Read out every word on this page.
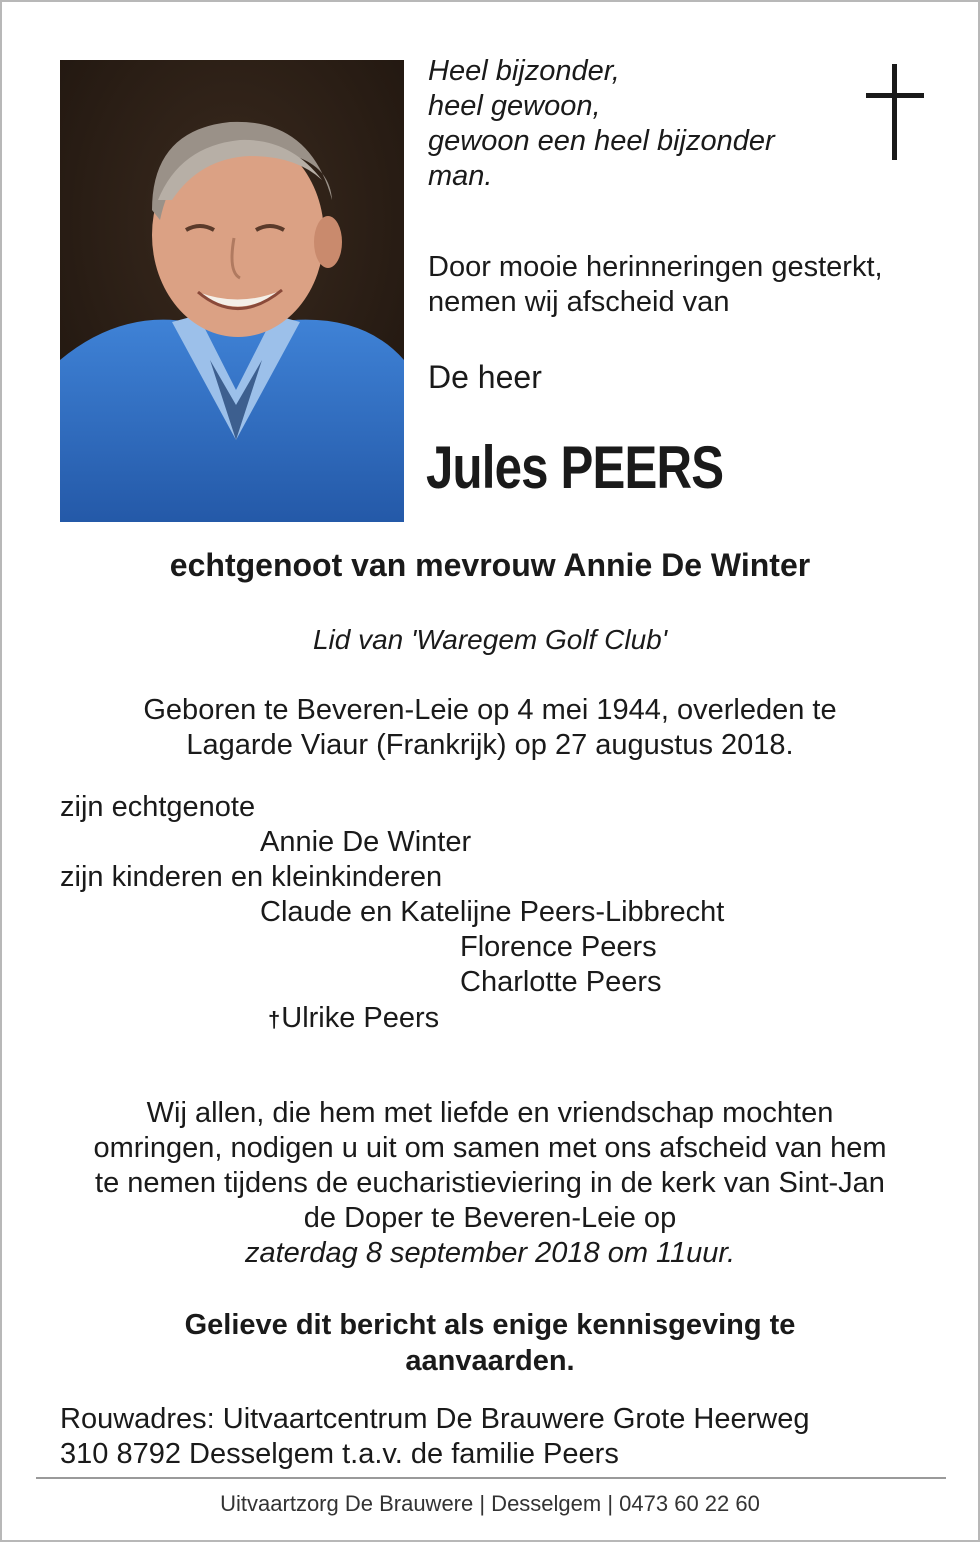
Heel bijzonder,
heel gewoon,
gewoon een heel bijzonder
man.
Door mooie herinneringen gesterkt,
nemen wij afscheid van
De heer
Jules PEERS
echtgenoot van mevrouw Annie De Winter
Lid van 'Waregem Golf Club'
Geboren te Beveren-Leie op 4 mei 1944, overleden te
Lagarde Viaur (Frankrijk) op 27 augustus 2018.
zijn echtgenote
Annie De Winter
zijn kinderen en kleinkinderen
Claude en Katelijne Peers-Libbrecht
Florence Peers
Charlotte Peers
†Ulrike Peers
Wij allen, die hem met liefde en vriendschap mochten
omringen, nodigen u uit om samen met ons afscheid van hem
te nemen tijdens de eucharistieviering in de kerk van Sint-Jan
de Doper te Beveren-Leie op
zaterdag 8 september 2018 om 11uur.
Gelieve dit bericht als enige kennisgeving te
aanvaarden.
Rouwadres: Uitvaartcentrum De Brauwere Grote Heerweg
310 8792 Desselgem t.a.v. de familie Peers
Uitvaartzorg De Brauwere | Desselgem | 0473 60 22 60
